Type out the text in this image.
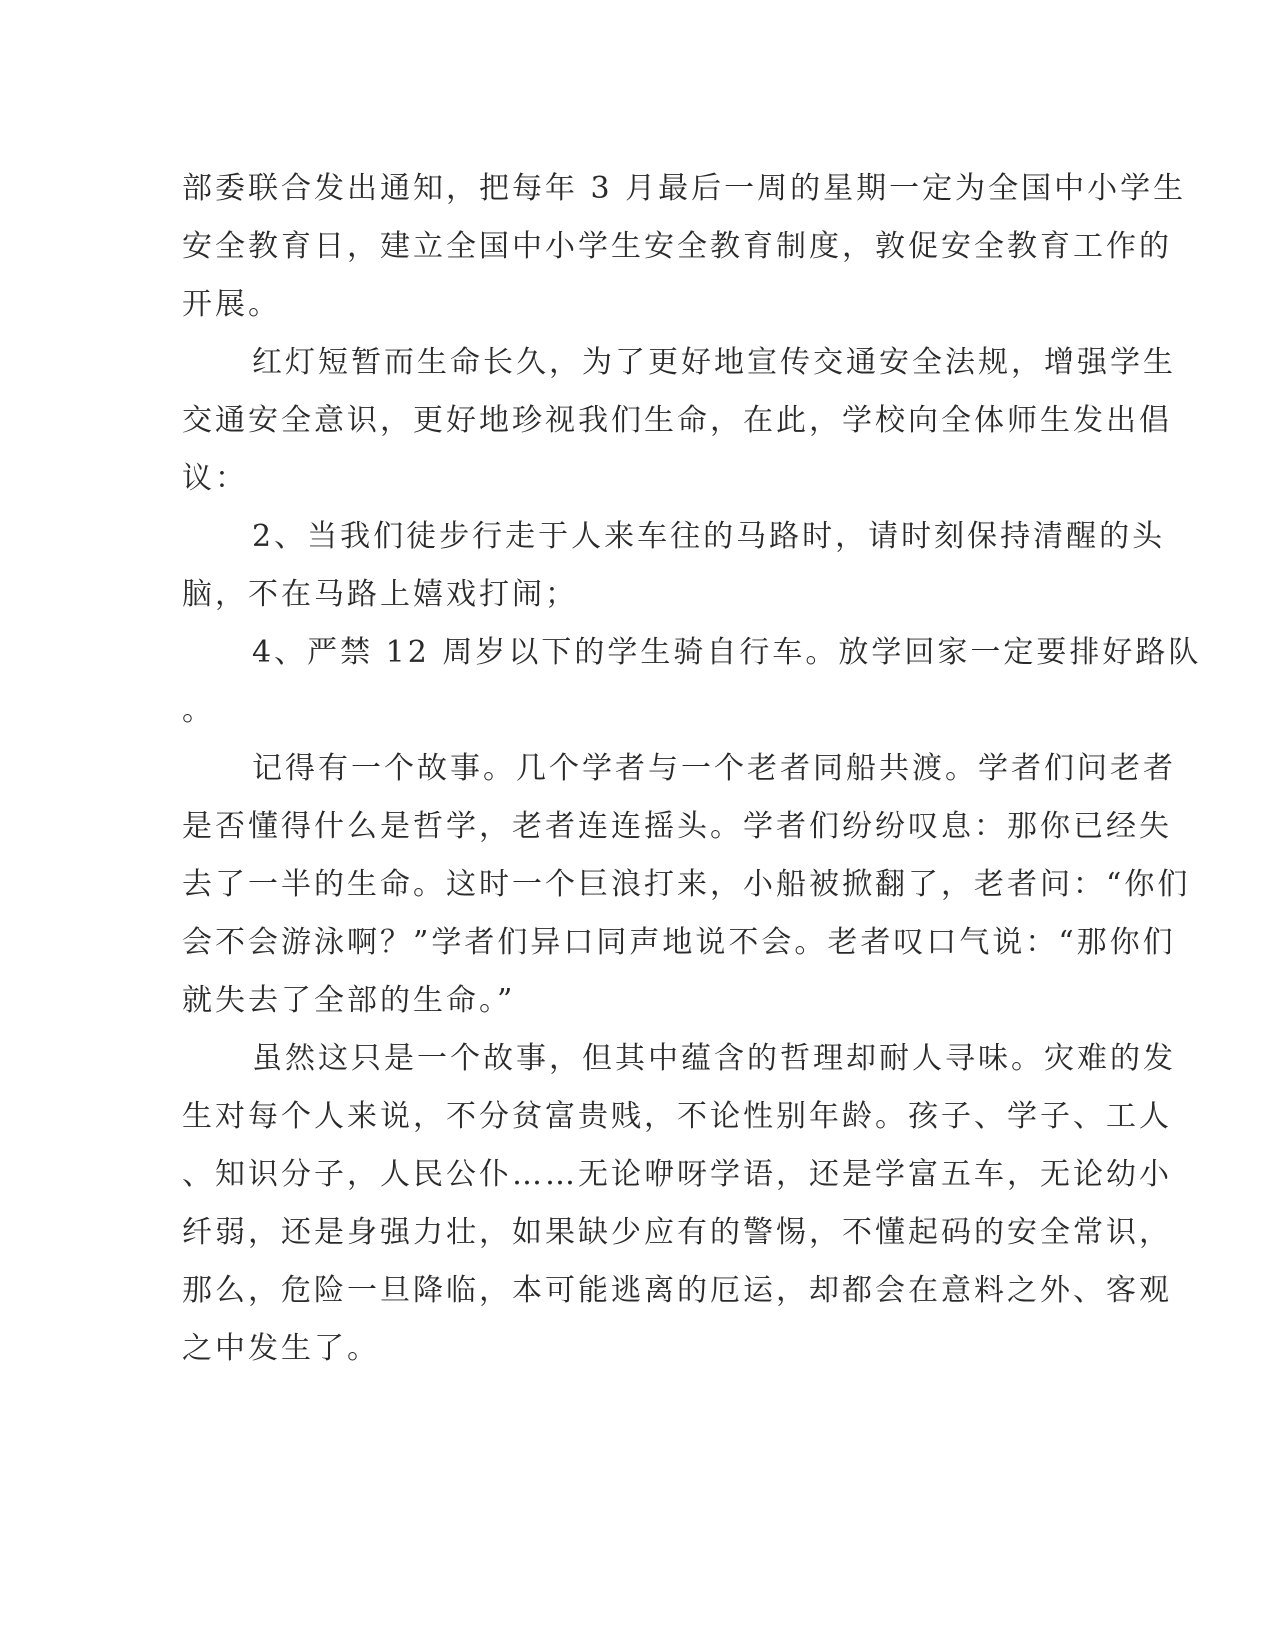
部委联合发出通知，把每年 3 月最后一周的星期一定为全国中小学生
安全教育日，建立全国中小学生安全教育制度，敦促安全教育工作的
开展。

红灯短暂而生命长久，为了更好地宣传交通安全法规，增强学生
交通安全意识，更好地珍视我们生命，在此，学校向全体师生发出倡
议：

2、当我们徒步行走于人来车往的马路时，请时刻保持清醒的头
脑，不在马路上嬉戏打闹；

4、严禁 12 周岁以下的学生骑自行车。放学回家一定要排好路队
。

记得有一个故事。几个学者与一个老者同船共渡。学者们问老者
是否懂得什么是哲学，老者连连摇头。学者们纷纷叹息：那你已经失
去了一半的生命。这时一个巨浪打来，小船被掀翻了，老者问：“你们
会不会游泳啊？”学者们异口同声地说不会。老者叹口气说：“那你们
就失去了全部的生命。”

虽然这只是一个故事，但其中蕴含的哲理却耐人寻味。灾难的发
生对每个人来说，不分贫富贵贱，不论性别年龄。孩子、学子、工人
、知识分子，人民公仆……无论咿呀学语，还是学富五车，无论幼小
纤弱，还是身强力壮，如果缺少应有的警惕，不懂起码的安全常识，
那么，危险一旦降临，本可能逃离的厄运，却都会在意料之外、客观
之中发生了。
